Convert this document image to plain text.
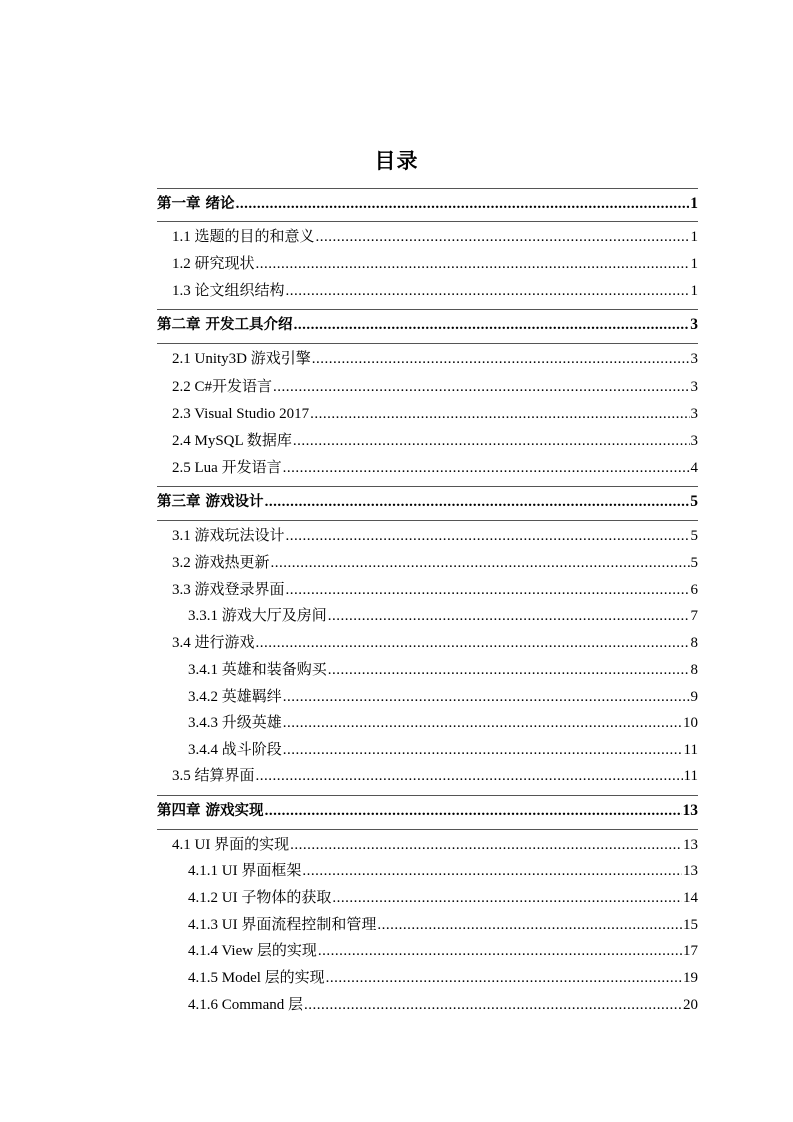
目录
第一章 绪论 .....	1
1.1 选题的目的和意义 .....	1
1.2 研究现状 .....	1
1.3 论文组织结构 .....	1
第二章 开发工具介绍 .....	3
2.1 Unity3D 游戏引擎 .....	3
2.2 C#开发语言 .....	3
2.3 Visual Studio 2017 .....	3
2.4 MySQL 数据库 .....	3
2.5 Lua 开发语言 .....	4
第三章 游戏设计 .....	5
3.1 游戏玩法设计 .....	5
3.2 游戏热更新 .....	5
3.3 游戏登录界面 .....	6
3.3.1 游戏大厅及房间 .....	7
3.4 进行游戏 .....	8
3.4.1 英雄和装备购买 .....	8
3.4.2 英雄羁绊 .....	9
3.4.3 升级英雄 .....	10
3.4.4 战斗阶段 .....	11
3.5 结算界面 .....	11
第四章 游戏实现 .....	13
4.1 UI 界面的实现 .....	13
4.1.1 UI 界面框架 .....	13
4.1.2 UI 子物体的获取 .....	14
4.1.3 UI 界面流程控制和管理 .....	15
4.1.4 View 层的实现 .....	17
4.1.5 Model 层的实现 .....	19
4.1.6 Command 层 .....	20
